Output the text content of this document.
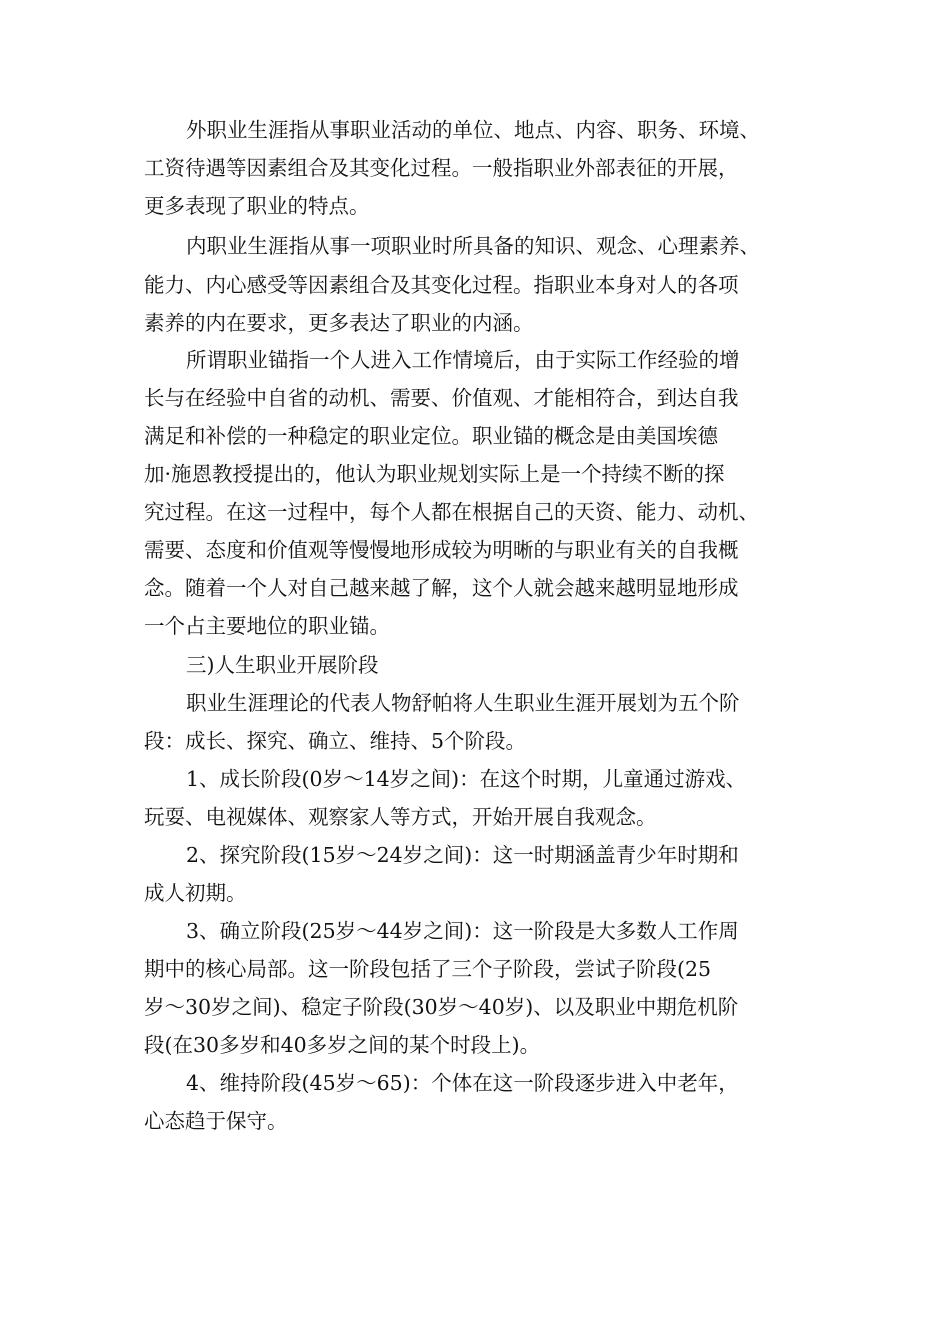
外职业生涯指从事职业活动的单位、地点、内容、职务、环境、

工资待遇等因素组合及其变化过程。一般指职业外部表征的开展，

更多表现了职业的特点。

内职业生涯指从事一项职业时所具备的知识、观念、心理素养、

能力、内心感受等因素组合及其变化过程。指职业本身对人的各项

素养的内在要求，更多表达了职业的内涵。

所谓职业锚指一个人进入工作情境后，由于实际工作经验的增

长与在经验中自省的动机、需要、价值观、才能相符合，到达自我

满足和补偿的一种稳定的职业定位。职业锚的概念是由美国埃德

加·施恩教授提出的，他认为职业规划实际上是一个持续不断的探

究过程。在这一过程中，每个人都在根据自己的天资、能力、动机、

需要、态度和价值观等慢慢地形成较为明晰的与职业有关的自我概

念。随着一个人对自己越来越了解，这个人就会越来越明显地形成

一个占主要地位的职业锚。

三)人生职业开展阶段

职业生涯理论的代表人物舒帕将人生职业生涯开展划为五个阶

段：成长、探究、确立、维持、5个阶段。

1、成长阶段(0岁～14岁之间)：在这个时期，儿童通过游戏、

玩耍、电视媒体、观察家人等方式，开始开展自我观念。

2、探究阶段(15岁～24岁之间)：这一时期涵盖青少年时期和

成人初期。

3、确立阶段(25岁～44岁之间)：这一阶段是大多数人工作周

期中的核心局部。这一阶段包括了三个子阶段，尝试子阶段(25

岁～30岁之间)、稳定子阶段(30岁～40岁)、以及职业中期危机阶

段(在30多岁和40多岁之间的某个时段上)。

4、维持阶段(45岁～65)：个体在这一阶段逐步进入中老年，

心态趋于保守。
